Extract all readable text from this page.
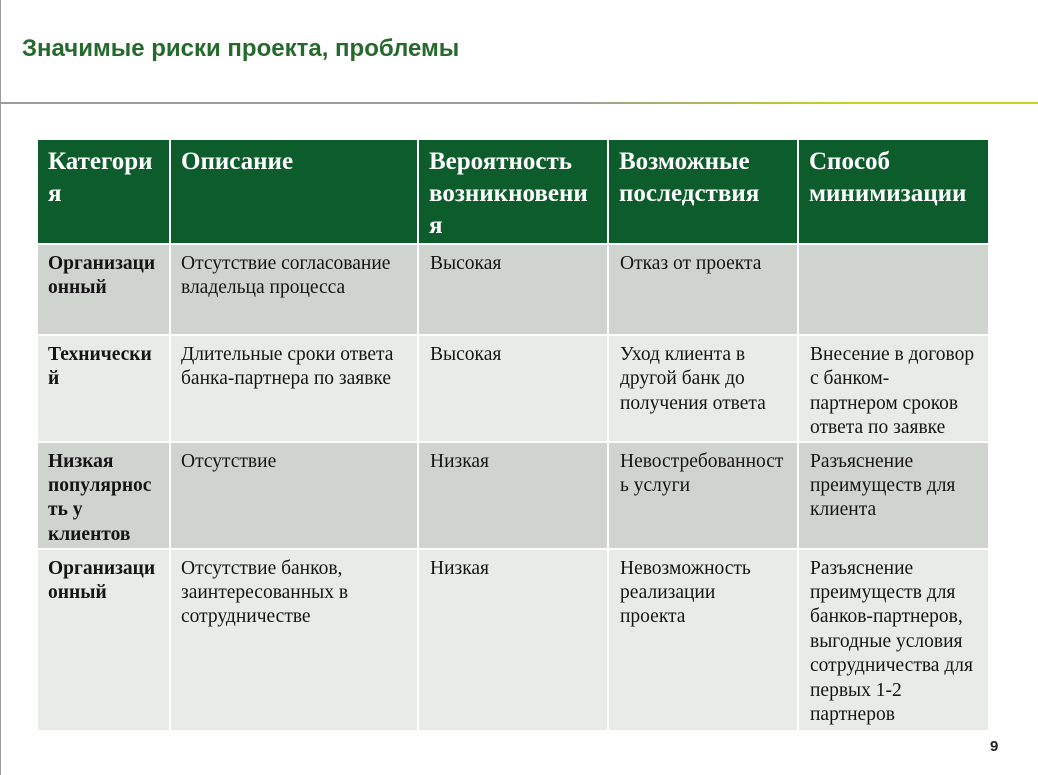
Значимые риски проекта, проблемы
Категория	Описание	Вероятность возникновения	Возможные последствия	Способ минимизации
Организационный	Отсутствие согласование владельца процесса	Высокая	Отказ от проекта	
Технический	Длительные сроки ответа банка-партнера по заявке	Высокая	Уход клиента в другой банк до получения ответа	Внесение в договор с банком-партнером сроков ответа по заявке
Низкая популярность у клиентов	Отсутствие	Низкая	Невостребованность услуги	Разъяснение преимуществ для клиента
Организационный	Отсутствие банков, заинтересованных в сотрудничестве	Низкая	Невозможность реализации проекта	Разъяснение преимуществ для банков-партнеров, выгодные условия сотрудничества для первых 1-2 партнеров
9
